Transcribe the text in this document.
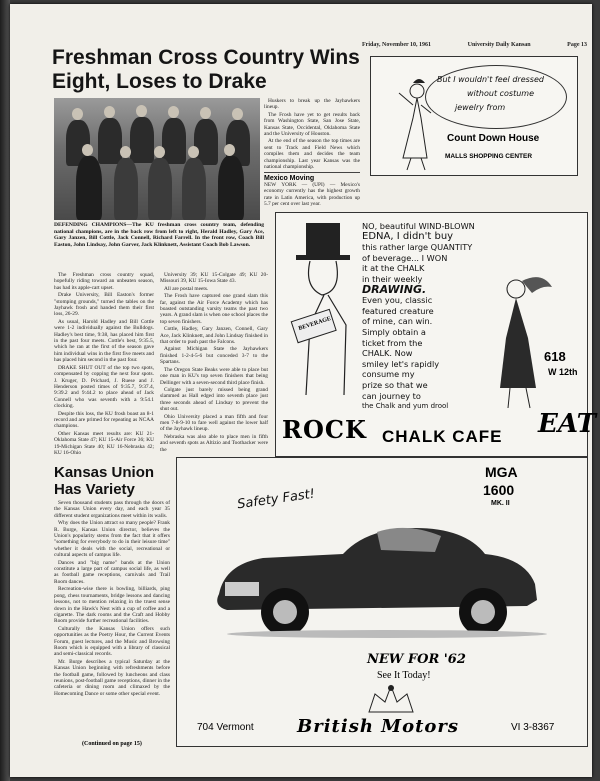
Friday, November 10, 1961	University Daily Kansan	Page 13
Freshman Cross Country Wins Eight, Loses to Drake
DEFENDING CHAMPIONS—The KU freshman cross country team, defending national champions, are in the back row from left to right, Herald Hadley, Gary Ace, Gary Janzen, Bill Cottle, Jack Connell, Richard Farrell. In the front row, Coach Bill Easton, John Lindsay, John Garver, Jack Klinknett, Assistant Coach Bob Lawson.

The Freshman cross country squad, hopefully riding toward an unbeaten season, has had its apple-cart upset.

Drake University, Bill Easton's former "stomping grounds," turned the tables on the Jayhawk frosh and handed them their first loss, 26-29.

As usual, Harold Hadley and Bill Cottle were 1-2 individually against the Bulldogs. Hadley's best time, 9:38, has placed him first in the past four meets. Cottle's best, 9:35.5, which he ran at the first of the season gave him individual wins in the first five meets and has placed him second in the past four.

DRAKE SHUT OUT of the top two spots, compensated by copping the next four spots. J. Kruger, D. Prichard, J. Ruese and J. Henderson posted times of 9:35.7, 9:37.4, 9:39.2 and 9:44.2 to place ahead of Jack Connell who was seventh with a 9:54.1 clocking.

Despite this loss, the KU frosh boast an 8-1 record and are primed for repeating as NCAA champions.

Other Kansas meet results are: KU 21-Oklahoma State 47; KU 15-Air Force 36; KU 19-Michigan State 40; KU 16-Nebraska 42; KU 16-Ohio

University 39; KU 15-Colgate 49; KU 20-Missouri 39, KU 15-Iowa State 43.

All are postal meets.

The Frosh have captured one grand slam this far, against the Air Force Academy which has boasted outstanding varsity teams the past two years. A grand slam is when one school places the top seven finishers.

Cottle, Hadley, Gary Janzen, Connell, Gary Ace, Jack Klinknett, and John Lindsay finished in that order to push past the Falcons.

Against Michigan State the Jayhawkers finished 1-2-4-5-6 but conceded 3-7 to the Spartans.

The Oregon State Beaks were able to place but one man in KU's top seven finishers that being Dellinger with a seven-second third place finish.

Colgate just barely missed being grand slammed as Hall edged into seventh place just three seconds ahead of Lindsay to prevent the shut out.

Ohio University placed a man fifth and four men 7-8-9-10 to fare well against the lower half of the Jayhawk lineup.

Nebraska was also able to place men in fifth and seventh spots as Altizio and Toothacker were the

Huskers to break up the Jayhawkers lineup.

The Frosh have yet to get results back from Washington State, San Jose State, Kansas State, Occidental, Oklahoma State and the University of Houston.

At the end of the season the top times are sent to Track and Field News which compiles them and decides the team championship. Last year Kansas was the national championship.

Mexico Moving
NEW YORK — (UPI) — Mexico's economy currently has the highest growth rate in Latin America, with production up 5.7 per cent over last year.
But I wouldn't feel dressed
without costume
jewelry from
Count Down House
MALLS SHOPPING CENTER
BEVERAGE
NO, beautiful WIND-BLOWN
EDNA, I didn't buy
this rather large QUANTITY
of beverage... I WON
it at the CHALK
in their weekly
DRAWING.
Even you, classic
featured creature
of mine, can win.
Simply obtain a
ticket from the
CHALK. Now
smiley let's rapidly
consume my
prize so that we
can journey to
the Chalk and yum drool
618
W 12th
ROCK CHALK CAFE EAT
Kansas Union Has Variety

Seven thousand students pass through the doors of the Kansas Union every day, and each year 35 different student organizations meet within its walls.

Why does the Union attract so many people? Frank R. Burge, Kansas Union director, believes the Union's popularity stems from the fact that it offers "something for everybody to do in their leisure time" whether it deals with the social, recreational or cultural aspects of campus life.

Dances and "big name" bands at the Union constitute a large part of campus social life, as well as football game receptions, carnivals and Trail Room dances.

Recreation-wise there is bowling, billiards, ping pong, chess tournaments, bridge lessons and dancing lessons, not to mention relaxing in the truest sense down in the Hawk's Nest with a cup of coffee and a cigarette. The dark rooms and the Craft and Hobby Room provide further recreational facilities.

Culturally the Kansas Union offers such opportunities as the Poetry Hour, the Current Events Forum, guest lectures, and the Music and Browsing Room which is equipped with a library of classical and semi-classical records.

Mr. Burge describes a typical Saturday at the Kansas Union beginning with refreshments before the football game, followed by luncheons and class reunions, post-football game receptions, dinner in the cafeteria or dining room and climaxed by the Homecoming Dance or some other special event.

(Continued on page 15)
Safety Fast!
MGA
1600
MK. II
NEW FOR '62
See It Today!
704 Vermont British Motors	VI 3-8367
